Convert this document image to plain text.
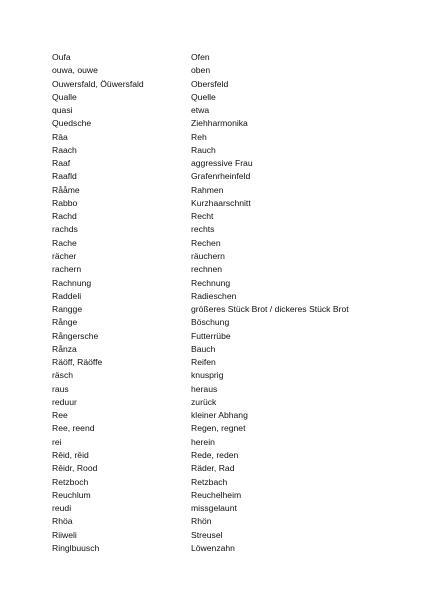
Oufa	Ofen
ouwa, ouwe	oben
Ouwersfald, Öüwersfald	Obersfeld
Qualle	Quelle
quasi	etwa
Quedsche	Ziehharmonika
Rāa	Reh
Raach	Rauch
Raaf	aggressive Frau
Raafld	Grafenrheinfeld
Rååme	Rahmen
Rabbo	Kurzhaarschnitt
Rachd	Recht
rachds	rechts
Rache	Rechen
rächer	räuchern
rachern	rechnen
Rachnung	Rechnung
Raddeli	Radieschen
Rangge	größeres Stück Brot / dickeres Stück Brot
Rånge	Böschung
Rångersche	Futterrübe
Rånza	Bauch
Räöff, Räöffe	Reifen
räsch	knusprig
raus	heraus
reduur	zurück
Ree	kleiner Abhang
Ree, reend	Regen, regnet
rei	herein
Rēid, rēid	Rede, reden
Rēidr, Rood	Räder, Rad
Retzboch	Retzbach
Reuchlum	Reuchelheim
reudi	missgelaunt
Rhöa	Rhön
Riiweli	Streusel
Ringlbuusch	Löwenzahn
